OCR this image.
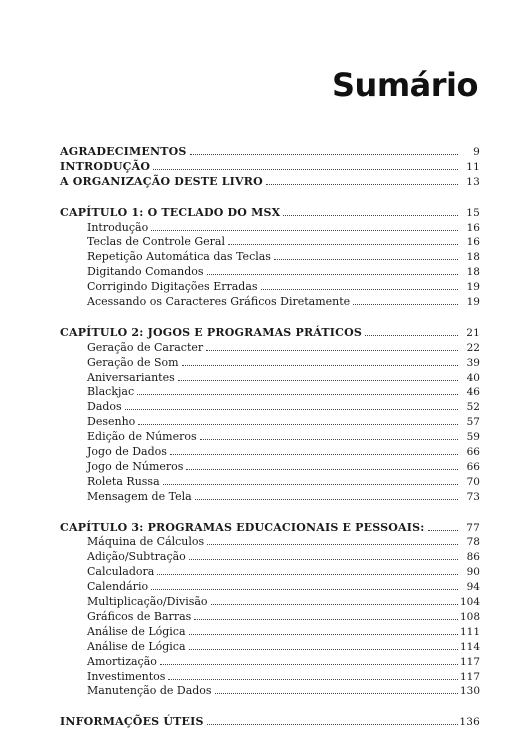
Sumário
AGRADECIMENTOS	9
INTRODUÇÃO	11
A ORGANIZAÇÃO DESTE LIVRO	13
CAPÍTULO 1: O TECLADO DO MSX	15
Introdução	16
Teclas de Controle Geral	16
Repetição Automática das Teclas	18
Digitando Comandos	18
Corrigindo Digitações Erradas	19
Acessando os Caracteres Gráficos Diretamente	19
CAPÍTULO 2: JOGOS E PROGRAMAS PRÁTICOS	21
Geração de Caracter	22
Geração de Som	39
Aniversariantes	40
Blackjac	46
Dados	52
Desenho	57
Edição de Números	59
Jogo de Dados	66
Jogo de Números	66
Roleta Russa	70
Mensagem de Tela	73
CAPÍTULO 3: PROGRAMAS EDUCACIONAIS E PESSOAIS:	77
Máquina de Cálculos	78
Adição/Subtração	86
Calculadora	90
Calendário	94
Multiplicação/Divisão	104
Gráficos de Barras	108
Análise de Lógica	111
Análise de Lógica	114
Amortização	117
Investimentos	117
Manutenção de Dados	130
INFORMAÇÕES ÚTEIS	136
